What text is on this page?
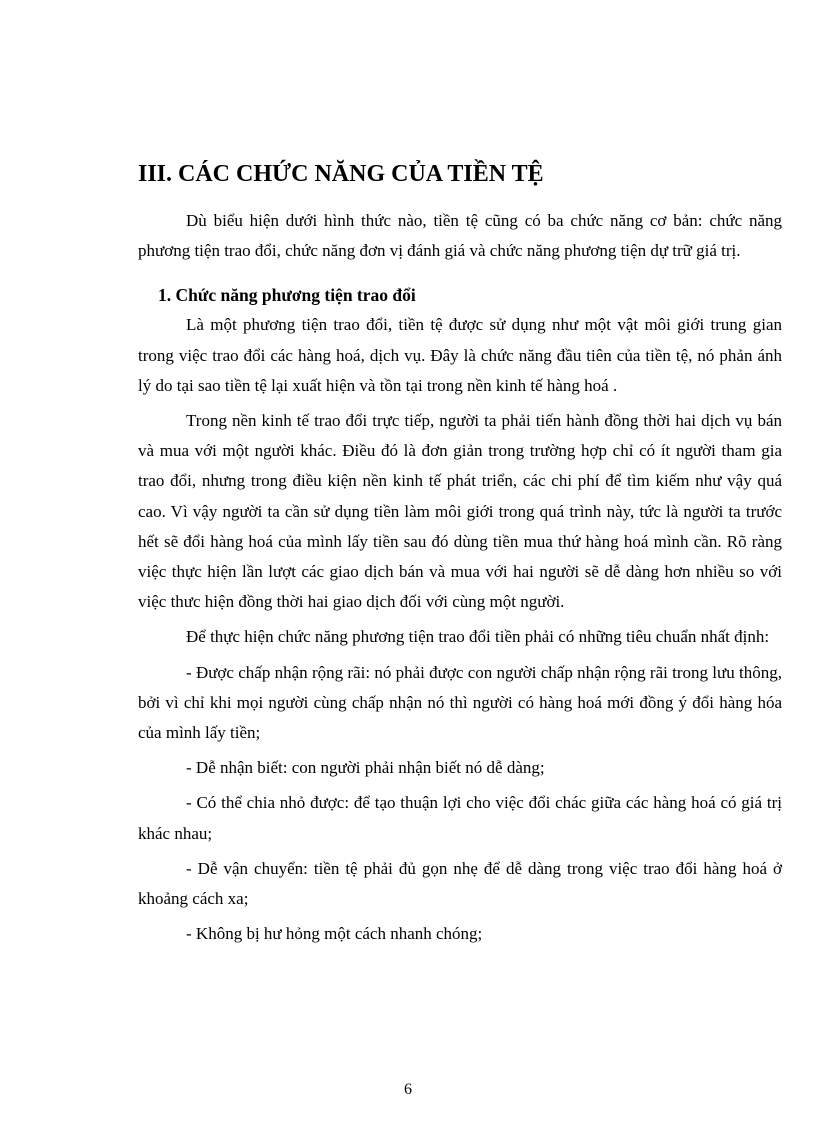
III. CÁC CHỨC NĂNG CỦA TIỀN TỆ

Dù biểu hiện dưới hình thức nào, tiền tệ cũng có ba chức năng cơ bản: chức năng phương tiện trao đổi, chức năng đơn vị đánh giá và chức năng phương tiện dự trữ giá trị.

1. Chức năng phương tiện trao đổi

Là một phương tiện trao đổi, tiền tệ được sử dụng như một vật môi giới trung gian trong việc trao đổi các hàng hoá, dịch vụ. Đây là chức năng đầu tiên của tiền tệ, nó phản ánh lý do tại sao tiền tệ lại xuất hiện và tồn tại trong nền kinh tế hàng hoá .

Trong nền kinh tế trao đổi trực tiếp, người ta phải tiến hành đồng thời hai dịch vụ bán và mua với một người khác. Điều đó là đơn giản trong trường hợp chỉ có ít người tham gia trao đổi, nhưng trong điều kiện nền kinh tế phát triển, các chi phí để tìm kiếm như vậy quá cao. Vì vậy người ta cần sử dụng tiền làm môi giới trong quá trình này, tức là người ta trước hết sẽ đổi hàng hoá của mình lấy tiền sau đó dùng tiền mua thứ hàng hoá mình cần. Rõ ràng việc thực hiện lần lượt các giao dịch bán và mua với hai người sẽ dễ dàng hơn nhiều so với việc thưc hiện đồng thời hai giao dịch đối với cùng một người.

Để thực hiện chức năng phương tiện trao đổi tiền phải có những tiêu chuẩn nhất định:

- Được chấp nhận rộng rãi: nó phải được con người chấp nhận rộng rãi trong lưu thông, bởi vì chỉ khi mọi người cùng chấp nhận nó thì người có hàng hoá mới đồng ý đổi hàng hóa của mình lấy tiền;

- Dễ nhận biết: con người phải nhận biết nó dễ dàng;

- Có thể chia nhỏ được: để tạo thuận lợi cho việc đổi chác giữa các hàng hoá có giá trị khác nhau;

- Dễ vận chuyển: tiền tệ phải đủ gọn nhẹ để dễ dàng trong việc trao đổi hàng hoá ở khoảng cách xa;

- Không bị hư hỏng một cách nhanh chóng;

6
